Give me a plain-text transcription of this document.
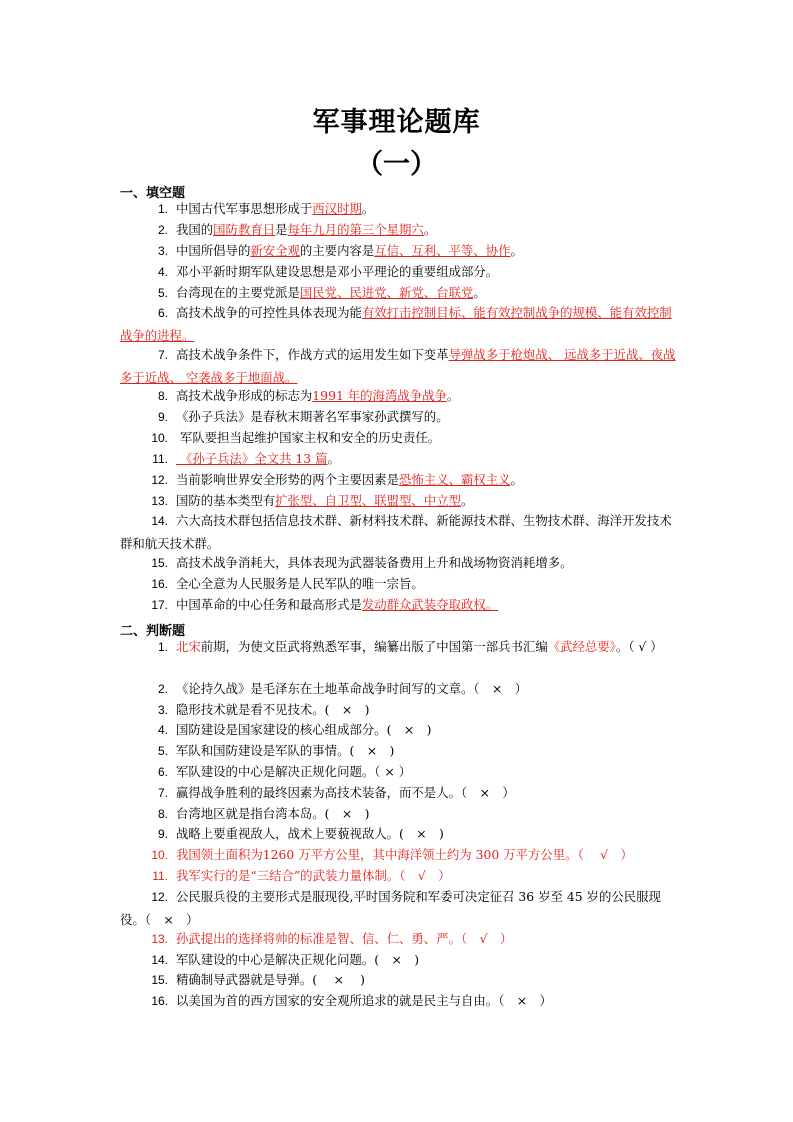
军事理论题库
（一）
一、填空题
1. 中国古代军事思想形成于西汉时期。
2. 我国的国防教育日是每年九月的第三个星期六。
3. 中国所倡导的新安全观的主要内容是互信、互利、平等、协作。
4. 邓小平新时期军队建设思想是邓小平理论的重要组成部分。
5. 台湾现在的主要党派是国民党、民进党、新党、台联党。
6. 高技术战争的可控性具体表现为能有效打击控制目标、能有效控制战争的规模、能有效控制战争的进程。
7. 高技术战争条件下，作战方式的运用发生如下变革导弹战多于枪炮战、 远战多于近战、夜战多于近战、 空袭战多于地面战。
8. 高技术战争形成的标志为1991 年的海湾战争战争。
9. 《孙子兵法》是春秋末期著名军事家孙武撰写的。
10. 军队要担当起维护国家主权和安全的历史责任。
11. 《孙子兵法》全文共 13 篇。
12. 当前影响世界安全形势的两个主要因素是恐怖主义、霸权主义。
13. 国防的基本类型有扩张型、自卫型、联盟型、中立型。
14. 六大高技术群包括信息技术群、新材料技术群、新能源技术群、生物技术群、海洋开发技术群和航天技术群。
15. 高技术战争消耗大，具体表现为武器装备费用上升和战场物资消耗增多。
16. 全心全意为人民服务是人民军队的唯一宗旨。
17. 中国革命的中心任务和最高形式是发动群众武装夺取政权。
二、判断题
1. 北宋前期，为使文臣武将熟悉军事，编纂出版了中国第一部兵书汇编《武经总要》。（ √ ）
2. 《论持久战》是毛泽东在土地革命战争时间写的文章。（　×　）
3. 隐形技术就是看不见技术。(　×　)
4. 国防建设是国家建设的核心组成部分。(　×　)
5. 军队和国防建设是军队的事情。(　×　)
6. 军队建设的中心是解决正规化问题。（ × ）
7. 赢得战争胜利的最终因素为高技术装备，而不是人。（　×　）
8. 台湾地区就是指台湾本岛。(　×　)
9. 战略上要重视敌人，战术上要藐视敌人。(　×　)
10. 我国领土面积为1260 万平方公里，其中海洋领土约为 300 万平方公里。（　 √　）
11. 我军实行的是“三结合”的武装力量体制。（　√　）
12. 公民服兵役的主要形式是服现役,平时国务院和军委可决定征召 36 岁至 45 岁的公民服现役。（　×　）
13. 孙武提出的选择将帅的标准是智、信、仁、勇、严。（　√　）
14. 军队建设的中心是解决正规化问题。(　×　)
15. 精确制导武器就是导弹。(　 ×　 )
16. 以美国为首的西方国家的安全观所追求的就是民主与自由。（　×　）
